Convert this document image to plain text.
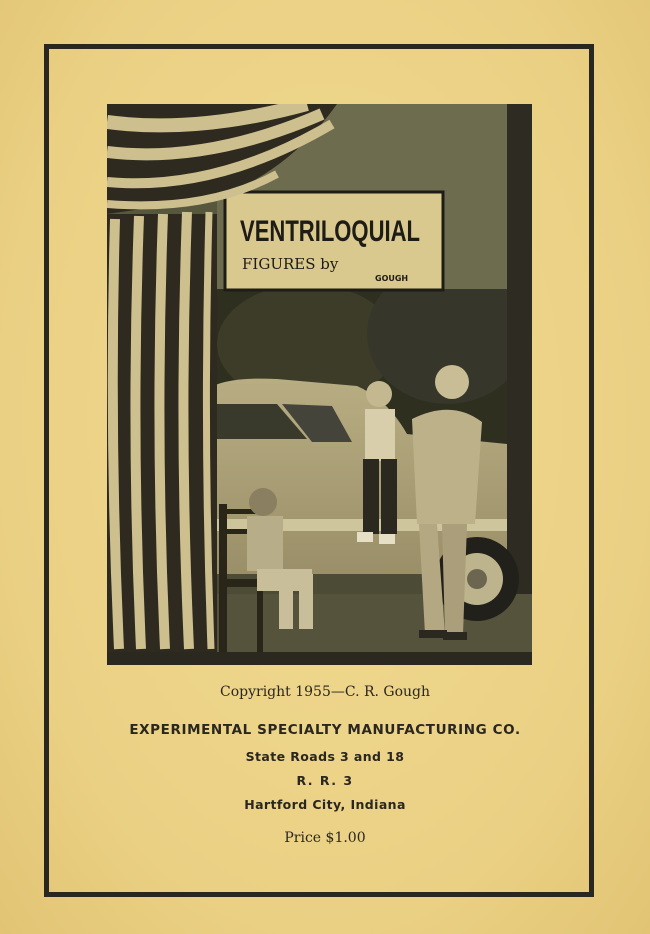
VENTRILOQUIAL
FIGURES by
GOUGH
Copyright 1955—C. R. Gough
EXPERIMENTAL SPECIALTY MANUFACTURING CO.
State Roads 3 and 18
R. R. 3
Hartford City, Indiana
Price $1.00
